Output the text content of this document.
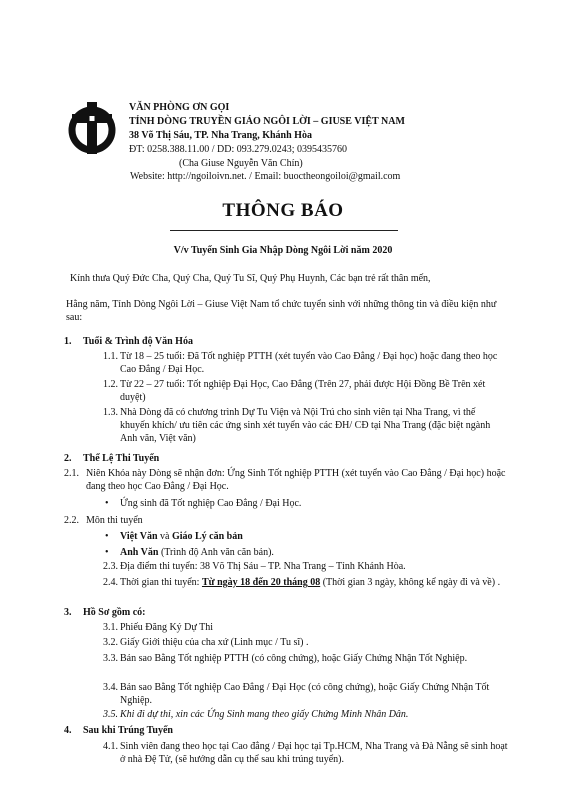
VĂN PHÒNG ƠN GỌI
TỈNH DÒNG TRUYỀN GIÁO NGÔI LỜI – GIUSE VIỆT NAM
38 Võ Thị Sáu, TP. Nha Trang, Khánh Hòa
ĐT: 0258.388.11.00 / DD: 093.279.0243; 0395435760
(Cha Giuse Nguyễn Văn Chín)
Website: http://ngoiloivn.net. / Email: buoctheongoiloi@gmail.com
THÔNG BÁO
V/v Tuyển Sinh Gia Nhập Dòng Ngôi Lời năm 2020
Kính thưa Quý Đức Cha, Quý Cha, Quý Tu Sĩ, Quý Phụ Huynh, Các bạn trẻ rất thân mến,
Hằng năm, Tỉnh Dòng Ngôi Lời – Giuse Việt Nam tổ chức tuyển sinh với những thông tin và điều kiện như sau:
1. Tuổi & Trình độ Văn Hóa
1.1. Từ 18 – 25 tuổi: Đã Tốt nghiệp PTTH (xét tuyển vào Cao Đẳng / Đại học) hoặc đang theo học Cao Đẳng / Đại Học.
1.2. Từ 22 – 27 tuổi: Tốt nghiệp Đại Học, Cao Đẳng (Trên 27, phải được Hội Đồng Bề Trên xét duyệt)
1.3. Nhà Dòng đã có chương trình Dự Tu Viện và Nội Trú cho sinh viên tại Nha Trang, vì thế khuyến khích/ ưu tiên các ứng sinh xét tuyển vào các ĐH/ CĐ tại Nha Trang (đặc biệt ngành Anh văn, Việt văn)
2. Thể Lệ Thi Tuyển
2.1. Niên Khóa này Dòng sẽ nhận đơn: Ứng Sinh Tốt nghiệp PTTH (xét tuyển vào Cao Đẳng / Đại học) hoặc đang theo học Cao Đẳng / Đại Học.
• Ứng sinh đã Tốt nghiệp Cao Đẳng / Đại Học.
2.2. Môn thi tuyển
• Việt Văn và Giáo Lý căn bản
• Anh Văn (Trình độ Anh văn căn bản).
2.3. Địa điểm thi tuyển: 38 Võ Thị Sáu – TP. Nha Trang – Tỉnh Khánh Hòa.
2.4. Thời gian thi tuyển: Từ ngày 18 đến 20 tháng 08 (Thời gian 3 ngày, không kể ngày đi và về) .
3. Hồ Sơ gồm có:
3.1. Phiếu Đăng Ký Dự Thi
3.2. Giấy Giới thiệu của cha xứ (Linh mục / Tu sĩ) .
3.3. Bản sao Bằng Tốt nghiệp PTTH (có công chứng), hoặc Giấy Chứng Nhận Tốt Nghiệp.
3.4. Bản sao Bằng Tốt nghiệp Cao Đẳng / Đại Học (có công chứng), hoặc Giấy Chứng Nhận Tốt Nghiệp.
3.5. Khi đi dự thi, xin các Ứng Sinh mang theo giấy Chứng Minh Nhân Dân.
4. Sau khi Trúng Tuyển
4.1. Sinh viên đang theo học tại Cao đẳng / Đại học tại Tp.HCM, Nha Trang và Đà Nẵng sẽ sinh hoạt ở nhà Đệ Tử, (sẽ hướng dẫn cụ thể sau khi trúng tuyển).
